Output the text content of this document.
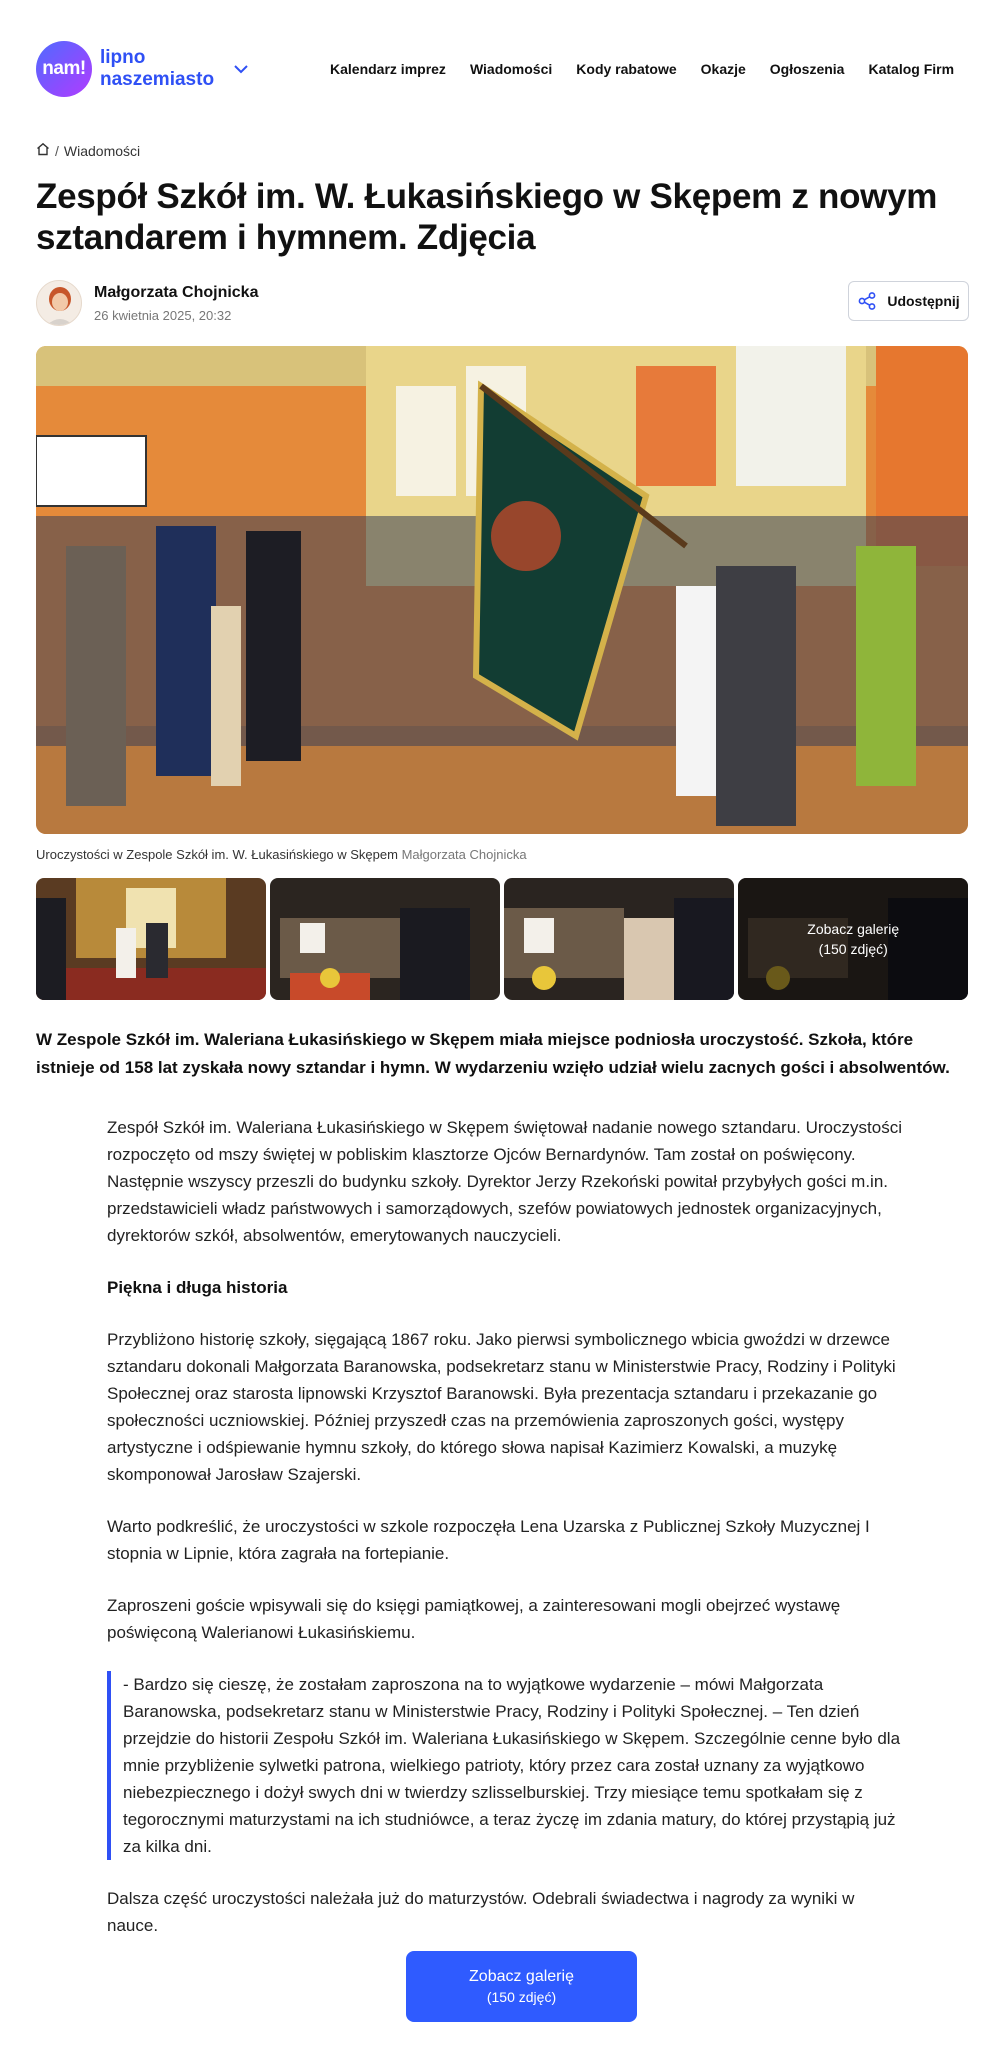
nam!
lipno
naszemiasto	Kalendarz imprez Wiadomości Kody rabatowe Okazje Ogłoszenia Katalog Firm
/ Wiadomości
Zespół Szkół im. W. Łukasińskiego w Skępem z nowym sztandarem i hymnem. Zdjęcia
Małgorzata Chojnicka
26 kwietnia 2025, 20:32
Udostępnij
Uroczystości w Zespole Szkół im. W. Łukasińskiego w Skępem Małgorzata Chojnicka
Zobacz galerię
(150 zdjęć)

W Zespole Szkół im. Waleriana Łukasińskiego w Skępem miała miejsce podniosła uroczystość. Szkoła, które istnieje od 158 lat zyskała nowy sztandar i hymn. W wydarzeniu wzięło udział wielu zacnych gości i absolwentów.

Zespół Szkół im. Waleriana Łukasińskiego w Skępem świętował nadanie nowego sztandaru. Uroczystości rozpoczęto od mszy świętej w pobliskim klasztorze Ojców Bernardynów. Tam został on poświęcony. Następnie wszyscy przeszli do budynku szkoły. Dyrektor Jerzy Rzekoński powitał przybyłych gości m.in. przedstawicieli władz państwowych i samorządowych, szefów powiatowych jednostek organizacyjnych, dyrektorów szkół, absolwentów, emerytowanych nauczycieli.

Piękna i długa historia

Przybliżono historię szkoły, sięgającą 1867 roku. Jako pierwsi symbolicznego wbicia gwoździ w drzewce sztandaru dokonali Małgorzata Baranowska, podsekretarz stanu w Ministerstwie Pracy, Rodziny i Polityki Społecznej oraz starosta lipnowski Krzysztof Baranowski. Była prezentacja sztandaru i przekazanie go społeczności uczniowskiej. Później przyszedł czas na przemówienia zaproszonych gości, występy artystyczne i odśpiewanie hymnu szkoły, do którego słowa napisał Kazimierz Kowalski, a muzykę skomponował Jarosław Szajerski.

Warto podkreślić, że uroczystości w szkole rozpoczęła Lena Uzarska z Publicznej Szkoły Muzycznej I stopnia w Lipnie, która zagrała na fortepianie.

Zaproszeni goście wpisywali się do księgi pamiątkowej, a zainteresowani mogli obejrzeć wystawę poświęconą Walerianowi Łukasińskiemu.

- Bardzo się cieszę, że zostałam zaproszona na to wyjątkowe wydarzenie – mówi Małgorzata Baranowska, podsekretarz stanu w Ministerstwie Pracy, Rodziny i Polityki Społecznej. – Ten dzień przejdzie do historii Zespołu Szkół im. Waleriana Łukasińskiego w Skępem. Szczególnie cenne było dla mnie przybliżenie sylwetki patrona, wielkiego patrioty, który przez cara został uznany za wyjątkowo niebezpiecznego i dożył swych dni w twierdzy szlisselburskiej. Trzy miesiące temu spotkałam się z tegorocznymi maturzystami na ich studniówce, a teraz życzę im zdania matury, do której przystąpią już za kilka dni.

Dalsza część uroczystości należała już do maturzystów. Odebrali świadectwa i nagrody za wyniki w nauce.

Zobacz galerię
(150 zdjęć)
